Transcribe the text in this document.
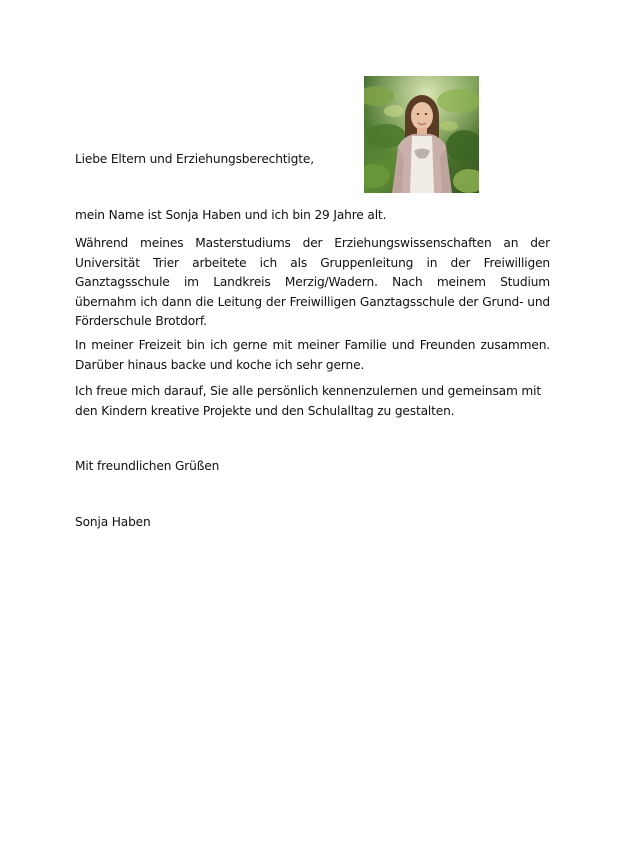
Liebe Eltern und Erziehungsberechtigte,
mein Name ist Sonja Haben und ich bin 29 Jahre alt.
Während meines Masterstudiums der Erziehungswissenschaften an der Universität Trier arbeitete ich als Gruppenleitung in der Freiwilligen Ganztagsschule im Landkreis Merzig/Wadern. Nach meinem Studium übernahm ich dann die Leitung der Freiwilligen Ganztagsschule der Grund- und Förderschule Brotdorf.
In meiner Freizeit bin ich gerne mit meiner Familie und Freunden zusammen. Darüber hinaus backe und koche ich sehr gerne.
Ich freue mich darauf, Sie alle persönlich kennenzulernen und gemeinsam mit den Kindern kreative Projekte und den Schulalltag zu gestalten.
Mit freundlichen Grüßen
Sonja Haben
